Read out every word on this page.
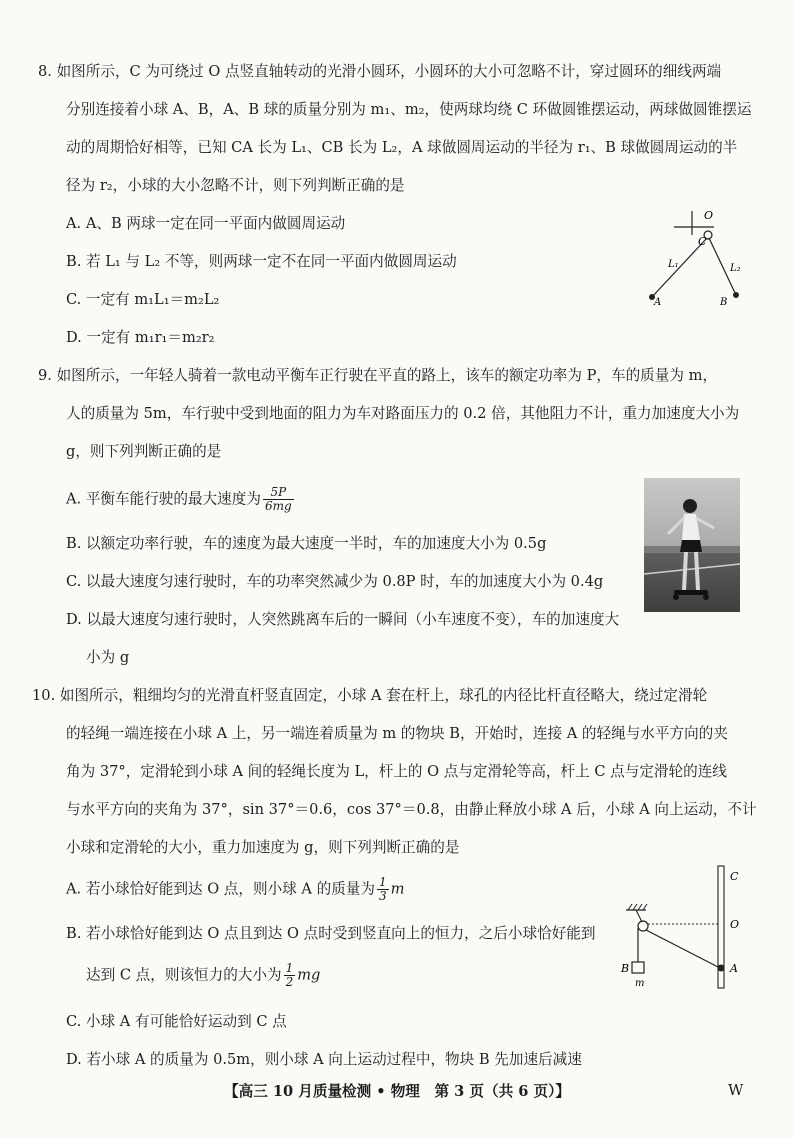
8. 如图所示，C 为可绕过 O 点竖直轴转动的光滑小圆环，小圆环的大小可忽略不计，穿过圆环的细线两端
分别连接着小球 A、B，A、B 球的质量分别为 m₁、m₂，使两球均绕 C 环做圆锥摆运动，两球做圆锥摆运
动的周期恰好相等，已知 CA 长为 L₁、CB 长为 L₂，A 球做圆周运动的半径为 r₁、B 球做圆周运动的半
径为 r₂，小球的大小忽略不计，则下列判断正确的是
A. A、B 两球一定在同一平面内做圆周运动
B. 若 L₁ 与 L₂ 不等，则两球一定不在同一平面内做圆周运动
C. 一定有 m₁L₁＝m₂L₂
D. 一定有 m₁r₁＝m₂r₂
O
C
L₁	L₂
A	B
9. 如图所示，一年轻人骑着一款电动平衡车正行驶在平直的路上，该车的额定功率为 P，车的质量为 m，
人的质量为 5m，车行驶中受到地面的阻力为车对路面压力的 0.2 倍，其他阻力不计，重力加速度大小为
g，则下列判断正确的是
A. 平衡车能行驶的最大速度为 $\frac{5P}{6mg}$
B. 以额定功率行驶，车的速度为最大速度一半时，车的加速度大小为 0.5g
C. 以最大速度匀速行驶时，车的功率突然减少为 0.8P 时，车的加速度大小为 0.4g
D. 以最大速度匀速行驶时，人突然跳离车后的一瞬间（小车速度不变），车的加速度大
小为 g
10. 如图所示，粗细均匀的光滑直杆竖直固定，小球 A 套在杆上，球孔的内径比杆直径略大，绕过定滑轮
的轻绳一端连接在小球 A 上，另一端连着质量为 m 的物块 B，开始时，连接 A 的轻绳与水平方向的夹
角为 37°，定滑轮到小球 A 间的轻绳长度为 L，杆上的 O 点与定滑轮等高，杆上 C 点与定滑轮的连线
与水平方向的夹角为 37°，sin 37°＝0.6，cos 37°＝0.8，由静止释放小球 A 后，小球 A 向上运动，不计
小球和定滑轮的大小，重力加速度为 g，则下列判断正确的是
A. 若小球恰好能到达 O 点，则小球 A 的质量为 $\frac{1}{3}$ m
B. 若小球恰好能到达 O 点且到达 O 点时受到竖直向上的恒力，之后小球恰好能到
达到 C 点，则该恒力的大小为 $\frac{1}{2}$ mg
C. 小球 A 有可能恰好运动到 C 点
D. 若小球 A 的质量为 0.5m，则小球 A 向上运动过程中，物块 B 先加速后减速
C
O
A
B
m
【高三 10 月质量检测 • 物理　第 3 页（共 6 页）】	W
